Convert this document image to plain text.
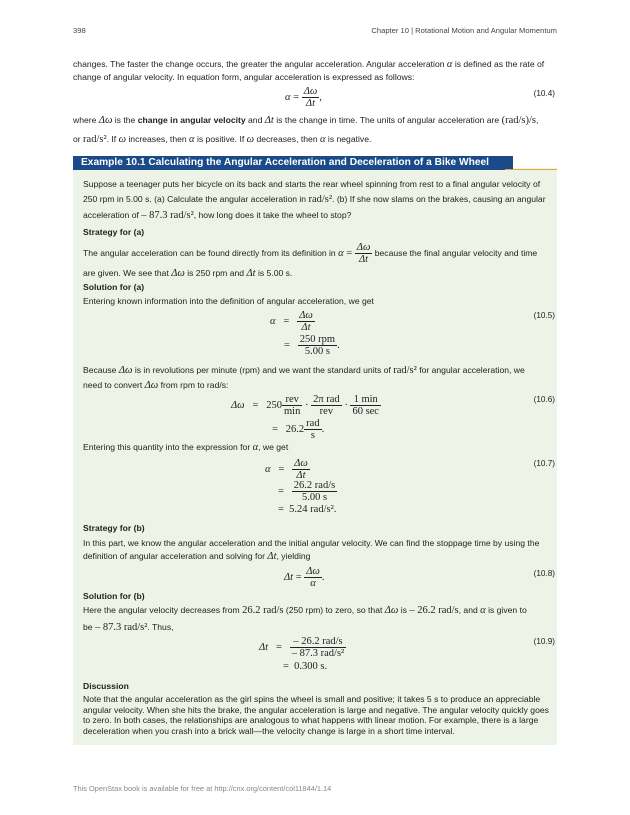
398	Chapter 10 | Rotational Motion and Angular Momentum

changes. The faster the change occurs, the greater the angular acceleration. Angular acceleration α is defined as the rate of change of angular velocity. In equation form, angular acceleration is expressed as follows:

$\alpha = \frac{\Delta\omega}{\Delta t}$ ,	(10.4)

where Δω is the change in angular velocity and Δt is the change in time. The units of angular acceleration are (rad/s)/s,

or rad/s². If ω increases, then α is positive. If ω decreases, then α is negative.

Example 10.1 Calculating the Angular Acceleration and Deceleration of a Bike Wheel

Suppose a teenager puts her bicycle on its back and starts the rear wheel spinning from rest to a final angular velocity of

250 rpm in 5.00 s. (a) Calculate the angular acceleration in rad/s². (b) If she now slams on the brakes, causing an angular

acceleration of – 87.3 rad/s², how long does it take the wheel to stop?

Strategy for (a)

The angular acceleration can be found directly from its definition in $\alpha = \frac{\Delta\omega}{\Delta t}$ because the final angular velocity and time

are given. We see that Δω is 250 rpm and Δt is 5.00 s.

Solution for (a)

Entering known information into the definition of angular acceleration, we get

$\alpha = \frac{\Delta\omega}{\Delta t}$
= $\frac{\text{250 rpm}}{5.00 s}$ .
(10.5)

Because Δω is in revolutions per minute (rpm) and we want the standard units of rad/s² for angular acceleration, we

need to convert Δω from rpm to rad/s:

$\Delta\omega = 250 \frac{\text{rev}}{\min} \cdot \frac{\text{2π rad}}{\text{rev}} \cdot \frac{1 \min}{60 \sec}$
=   $26.2 \frac{\text{rad}}{s}$ .
(10.6)

Entering this quantity into the expression for α, we get

$\alpha = \frac{\Delta\omega}{\Delta t}$
= $\frac{\text{26.2 rad/s}}{5.00 s}$
=  5.24 rad/s².
(10.7)

Strategy for (b)

In this part, we know the angular acceleration and the initial angular velocity. We can find the stoppage time by using the

definition of angular acceleration and solving for Δt, yielding

$\Delta t = \frac{\Delta\omega}{\alpha}$ .	(10.8)

Solution for (b)

Here the angular velocity decreases from 26.2 rad/s (250 rpm) to zero, so that Δω is – 26.2 rad/s, and α is given to

be – 87.3 rad/s². Thus,

$\Delta t = \frac{\text{– 26.2 rad/s}}{\text{– 87.3 rad/s²}}$
=  0.300 s.
(10.9)

Discussion

Note that the angular acceleration as the girl spins the wheel is small and positive; it takes 5 s to produce an appreciable angular velocity. When she hits the brake, the angular acceleration is large and negative. The angular velocity quickly goes to zero. In both cases, the relationships are analogous to what happens with linear motion. For example, there is a large deceleration when you crash into a brick wall—the velocity change is large in a short time interval.

This OpenStax book is available for free at http://cnx.org/content/col11844/1.14
